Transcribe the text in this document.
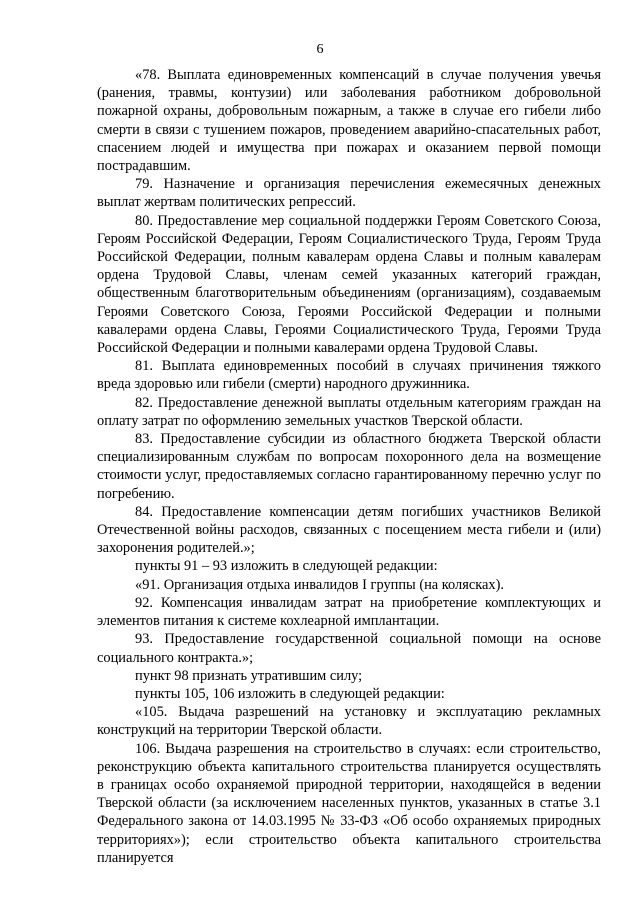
6

«78. Выплата единовременных компенсаций в случае получения увечья (ранения, травмы, контузии) или заболевания работником добровольной пожарной охраны, добровольным пожарным, а также в случае его гибели либо смерти в связи с тушением пожаров, проведением аварийно-спасательных работ, спасением людей и имущества при пожарах и оказанием первой помощи пострадавшим.

79. Назначение и организация перечисления ежемесячных денежных выплат жертвам политических репрессий.

80. Предоставление мер социальной поддержки Героям Советского Союза, Героям Российской Федерации, Героям Социалистического Труда, Героям Труда Российской Федерации, полным кавалерам ордена Славы и полным кавалерам ордена Трудовой Славы, членам семей указанных категорий граждан, общественным благотворительным объединениям (организациям), создаваемым Героями Советского Союза, Героями Российской Федерации и полными кавалерами ордена Славы, Героями Социалистического Труда, Героями Труда Российской Федерации и полными кавалерами ордена Трудовой Славы.

81. Выплата единовременных пособий в случаях причинения тяжкого вреда здоровью или гибели (смерти) народного дружинника.

82. Предоставление денежной выплаты отдельным категориям граждан на оплату затрат по оформлению земельных участков Тверской области.

83. Предоставление субсидии из областного бюджета Тверской области специализированным службам по вопросам похоронного дела на возмещение стоимости услуг, предоставляемых согласно гарантированному перечню услуг по погребению.

84. Предоставление компенсации детям погибших участников Великой Отечественной войны расходов, связанных с посещением места гибели и (или) захоронения родителей.»;

пункты 91 – 93 изложить в следующей редакции:

«91. Организация отдыха инвалидов I группы (на колясках).

92. Компенсация инвалидам затрат на приобретение комплектующих и элементов питания к системе кохлеарной имплантации.

93. Предоставление государственной социальной помощи на основе социального контракта.»;

пункт 98 признать утратившим силу;

пункты 105, 106 изложить в следующей редакции:

«105. Выдача разрешений на установку и эксплуатацию рекламных конструкций на территории Тверской области.

106. Выдача разрешения на строительство в случаях: если строительство, реконструкцию объекта капитального строительства планируется осуществлять в границах особо охраняемой природной территории, находящейся в ведении Тверской области (за исключением населенных пунктов, указанных в статье 3.1 Федерального закона от 14.03.1995 № 33-ФЗ «Об особо охраняемых природных территориях»); если строительство объекта капитального строительства планируется
